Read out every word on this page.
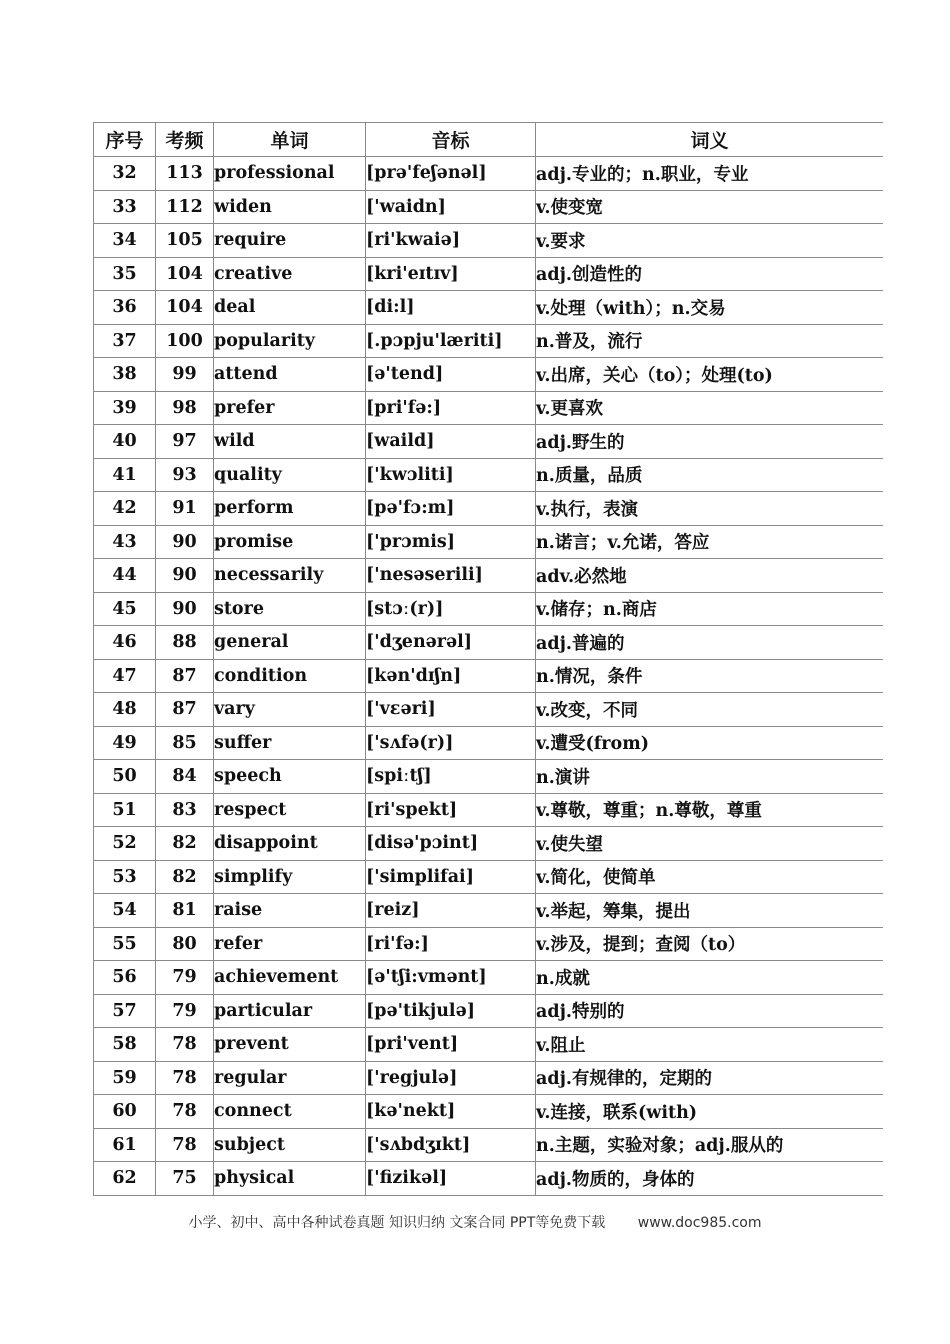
序号	考频	单词	音标	词义
32	113	professional	[prə'feʃənəl]	adj.专业的；n.职业，专业
33	112	widen	['waidn]	v.使变宽
34	105	require	[ri'kwaiə]	v.要求
35	104	creative	[kri'eɪtɪv]	adj.创造性的
36	104	deal	[di:l]	v.处理（with）；n.交易
37	100	popularity	[.pɔpju'læriti]	n.普及，流行
38	99	attend	[ə'tend]	v.出席，关心（to）；处理(to)
39	98	prefer	[pri'fə:]	v.更喜欢
40	97	wild	[waild]	adj.野生的
41	93	quality	['kwɔliti]	n.质量，品质
42	91	perform	[pə'fɔ:m]	v.执行，表演
43	90	promise	['prɔmis]	n.诺言；v.允诺，答应
44	90	necessarily	['nesəserili]	adv.必然地
45	90	store	[stɔː(r)]	v.储存；n.商店
46	88	general	['dʒenərəl]	adj.普遍的
47	87	condition	[kən'dɪʃn]	n.情况，条件
48	87	vary	['vɛəri]	v.改变，不同
49	85	suffer	['sʌfə(r)]	v.遭受(from)
50	84	speech	[spiːtʃ]	n.演讲
51	83	respect	[ri'spekt]	v.尊敬，尊重；n.尊敬，尊重
52	82	disappoint	[disə'pɔint]	v.使失望
53	82	simplify	['simplifai]	v.简化，使简单
54	81	raise	[reiz]	v.举起，筹集，提出
55	80	refer	[ri'fə:]	v.涉及，提到；查阅（to）
56	79	achievement	[ə'tʃi:vmənt]	n.成就
57	79	particular	[pə'tikjulə]	adj.特别的
58	78	prevent	[pri'vent]	v.阻止
59	78	regular	['regjulə]	adj.有规律的，定期的
60	78	connect	[kə'nekt]	v.连接，联系(with)
61	78	subject	['sʌbdʒɪkt]	n.主题，实验对象；adj.服从的
62	75	physical	['fizikəl]	adj.物质的，身体的
小学、初中、高中各种试卷真题 知识归纳 文案合同 PPT等免费下载 www.doc985.com
